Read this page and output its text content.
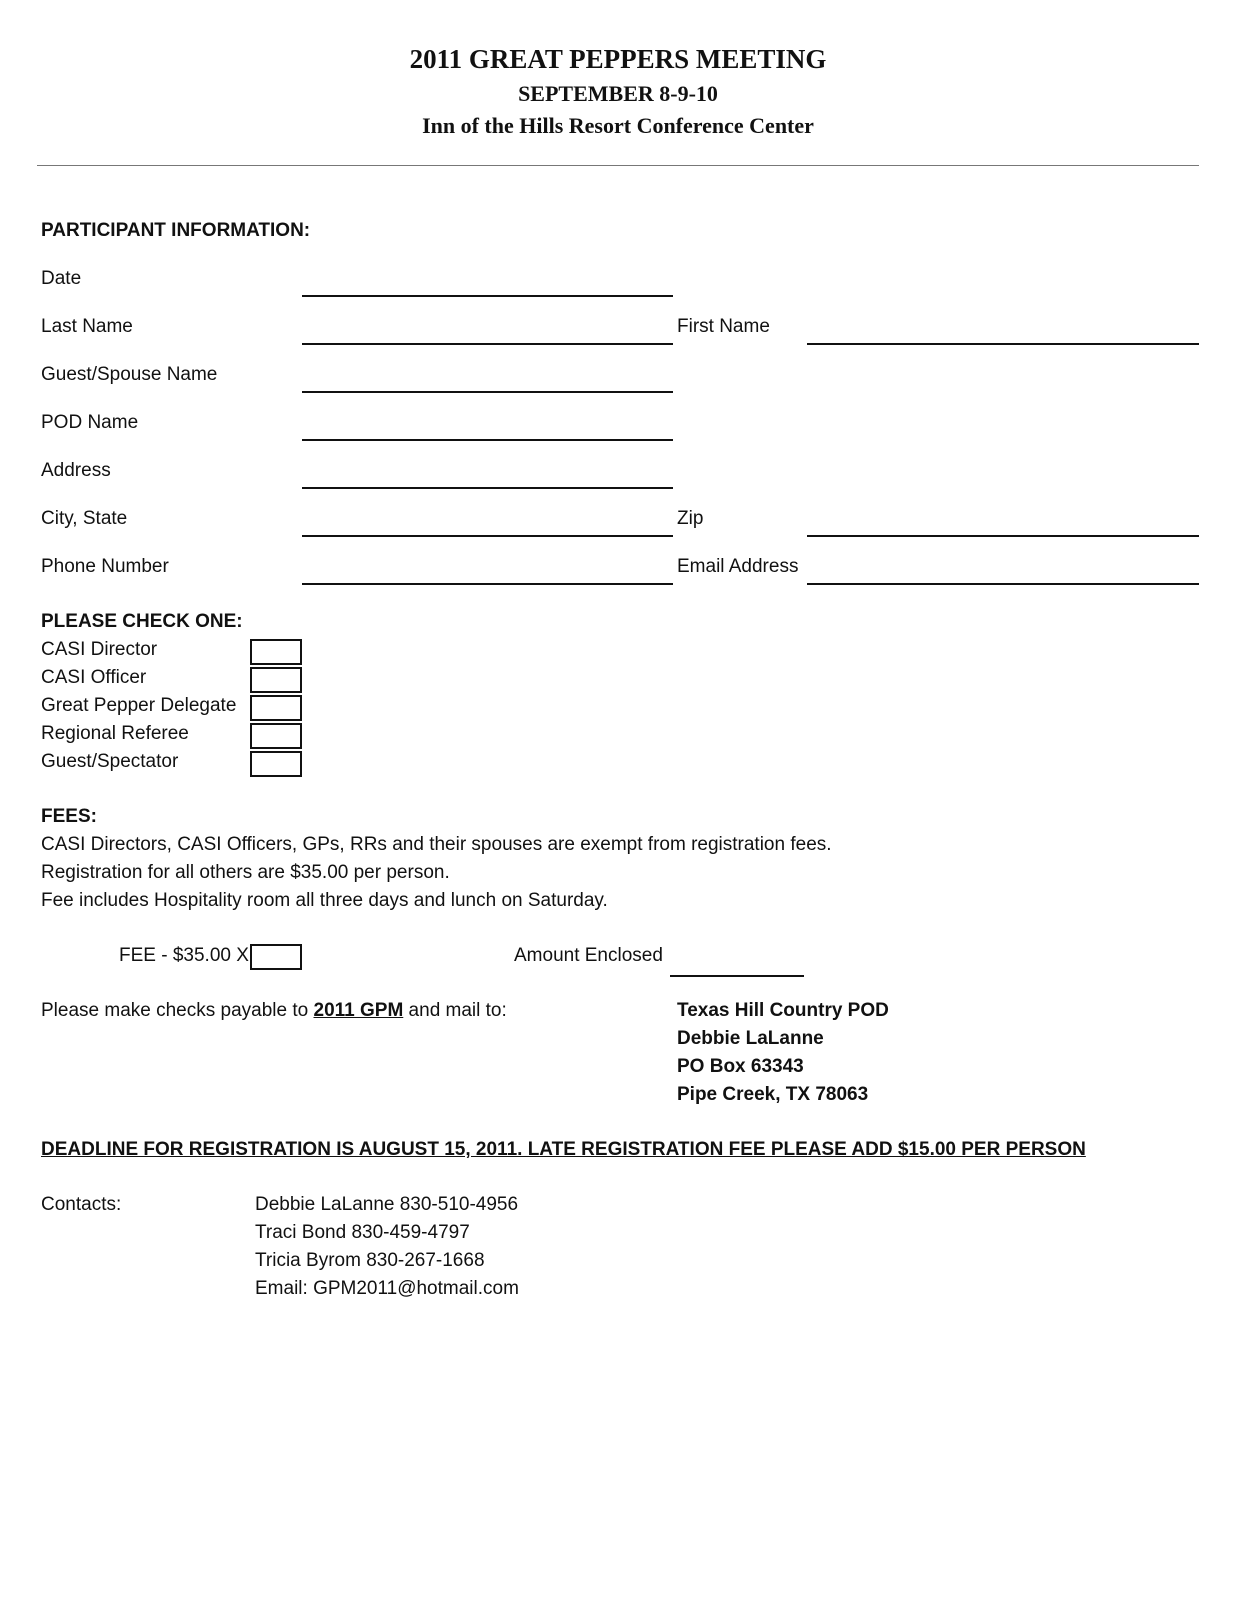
2011 GREAT PEPPERS MEETING
SEPTEMBER 8-9-10
Inn of the Hills Resort Conference Center
PARTICIPANT INFORMATION:
Date
Last Name	First Name
Guest/Spouse Name
POD Name
Address
City, State	Zip
Phone Number	Email Address
PLEASE CHECK ONE:
CASI Director
CASI Officer
Great Pepper Delegate
Regional Referee
Guest/Spectator
FEES:
CASI Directors, CASI Officers, GPs, RRs and their spouses are exempt from registration fees.
Registration for all others are $35.00 per person.
Fee includes Hospitality room all three days and lunch on Saturday.
FEE - $35.00 X	Amount Enclosed
Please make checks payable to 2011 GPM and mail to:	Texas Hill Country POD
Debbie LaLanne
PO Box 63343
Pipe Creek, TX 78063
DEADLINE FOR REGISTRATION IS AUGUST 15, 2011. LATE REGISTRATION FEE PLEASE ADD $15.00 PER PERSON
Contacts:	Debbie LaLanne 830-510-4956
Traci Bond 830-459-4797
Tricia Byrom 830-267-1668
Email: GPM2011@hotmail.com
